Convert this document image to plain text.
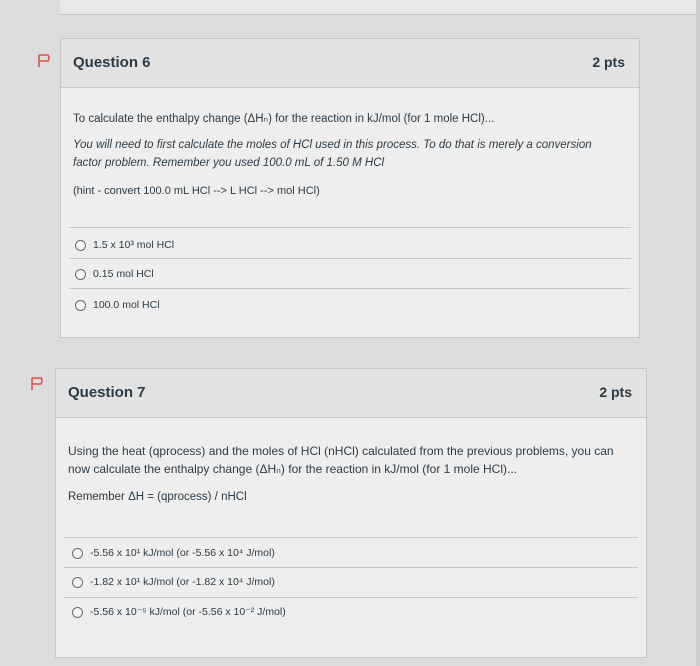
Question 6	2 pts
To calculate the enthalpy change (ΔHₙ) for the reaction in kJ/mol (for 1 mole HCl)...
You will need to first calculate the moles of HCl used in this process. To do that is merely a conversion
factor problem. Remember you used 100.0 mL of 1.50 M HCl
(hint - convert 100.0 mL HCl --> L HCl --> mol HCl)
1.5 x 10³ mol HCl
0.15 mol HCl
100.0 mol HCl
Question 7	2 pts
Using the heat (qprocess) and the moles of HCl (nHCl) calculated from the previous problems, you can
now calculate the enthalpy change (ΔHₙ) for the reaction in kJ/mol (for 1 mole HCl)...
Remember ΔH = (qprocess) / nHCl
-5.56 x 10¹ kJ/mol (or -5.56 x 10⁴ J/mol)
-1.82 x 10¹ kJ/mol (or -1.82 x 10⁴ J/mol)
-5.56 x 10⁻⁵ kJ/mol (or -5.56 x 10⁻² J/mol)
